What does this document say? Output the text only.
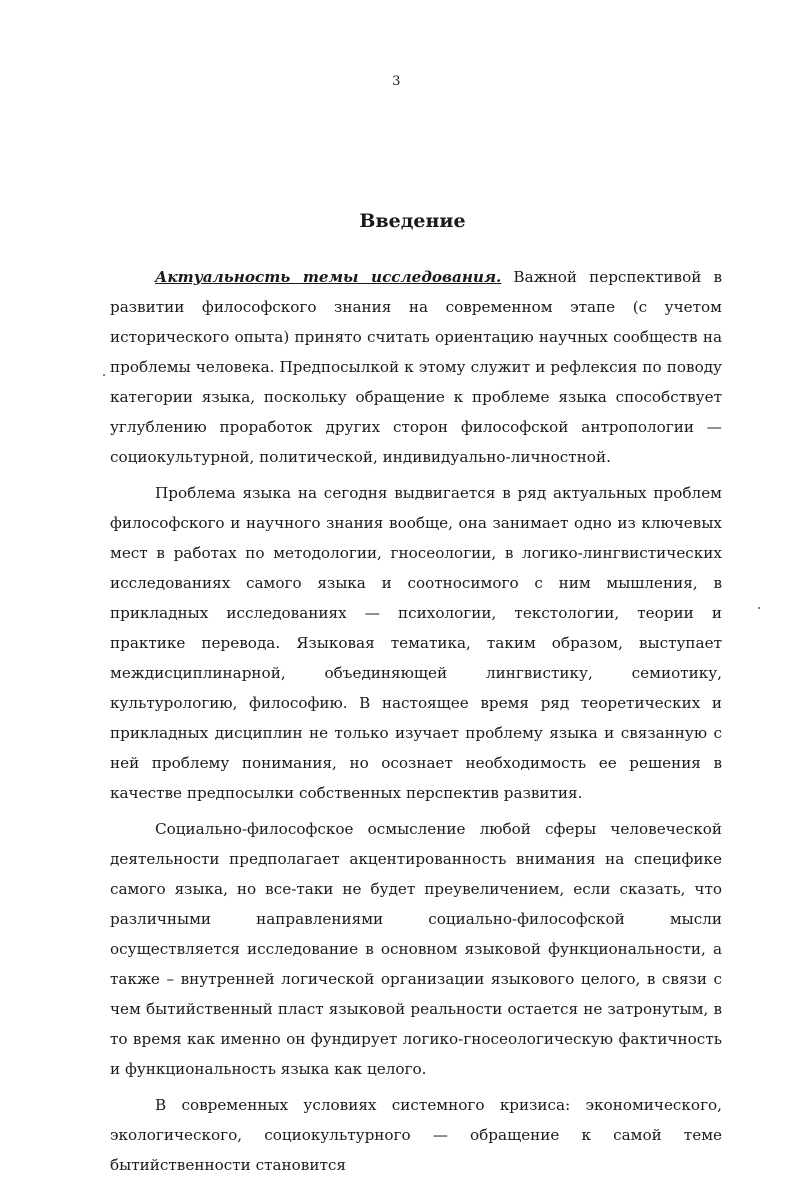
3
Введение

Актуальность темы исследования. Важной перспективой в развитии философского знания на современном этапе (с учетом исторического опыта) принято считать ориентацию научных сообществ на проблемы человека. Предпосылкой к этому служит и рефлексия по поводу категории языка, поскольку обращение к проблеме языка способствует углублению проработок других сторон философской антропологии — социокультурной, политической, индивидуально-личностной.

Проблема языка на сегодня выдвигается в ряд актуальных проблем философского и научного знания вообще, она занимает одно из ключевых мест в работах по методологии, гносеологии, в логико-лингвистических исследованиях самого языка и соотносимого с ним мышления, в прикладных исследованиях — психологии, текстологии, теории и практике перевода. Языковая тематика, таким образом, выступает междисциплинарной, объединяющей лингвистику, семиотику, культурологию, философию. В настоящее время ряд теоретических и прикладных дисциплин не только изучает проблему языка и связанную с ней проблему понимания, но осознает необходимость ее решения в качестве предпосылки собственных перспектив развития.

Социально-философское осмысление любой сферы человеческой деятельности предполагает акцентированность внимания на специфике самого языка, но все-таки не будет преувеличением, если сказать, что различными направлениями социально-философской мысли осуществляется исследование в основном языковой функциональности, а также – внутренней логической организации языкового целого, в связи с чем бытийственный пласт языковой реальности остается не затронутым, в то время как именно он фундирует логико-гносеологическую фактичность и функциональность языка как целого.

В современных условиях системного кризиса: экономического, экологического, социокультурного — обращение к самой теме бытийственности становится
